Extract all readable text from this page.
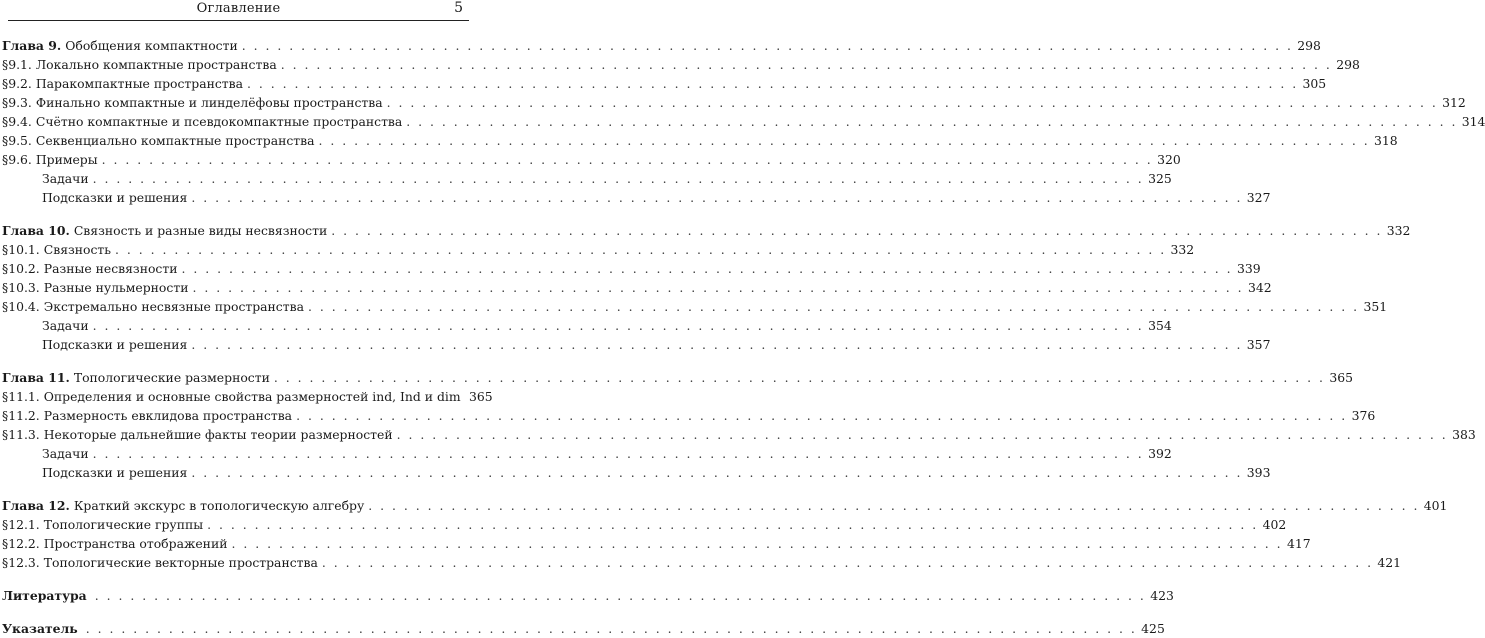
Оглавление	5
Глава 9. Обобщения компактности . . .	298
§9.1. Локально компактные пространства . . .	298
§9.2. Паракомпактные пространства . . .	305
§9.3. Финально компактные и линделёфовы пространства . . .	312
§9.4. Счётно компактные и псевдокомпактные пространства . . .	314
§9.5. Секвенциально компактные пространства . . .	318
§9.6. Примеры . . .	320
Задачи . . .	325
Подсказки и решения . . .	327
Глава 10. Связность и разные виды несвязности . . .	332
§10.1. Связность . . .	332
§10.2. Разные несвязности . . .	339
§10.3. Разные нульмерности . . .	342
§10.4. Экстремально несвязные пространства . . .	351
Задачи . . .	354
Подсказки и решения . . .	357
Глава 11. Топологические размерности . . .	365
§11.1. Определения и основные свойства размерностей ind, Ind и dim 365
§11.2. Размерность евклидова пространства . . .	376
§11.3. Некоторые дальнейшие факты теории размерностей . . .	383
Задачи . . .	392
Подсказки и решения . . .	393
Глава 12. Краткий экскурс в топологическую алгебру . . .	401
§12.1. Топологические группы . . .	402
§12.2. Пространства отображений . . .	417
§12.3. Топологические векторные пространства . . .	421
Литература . . .	423
Указатель . . .	425
